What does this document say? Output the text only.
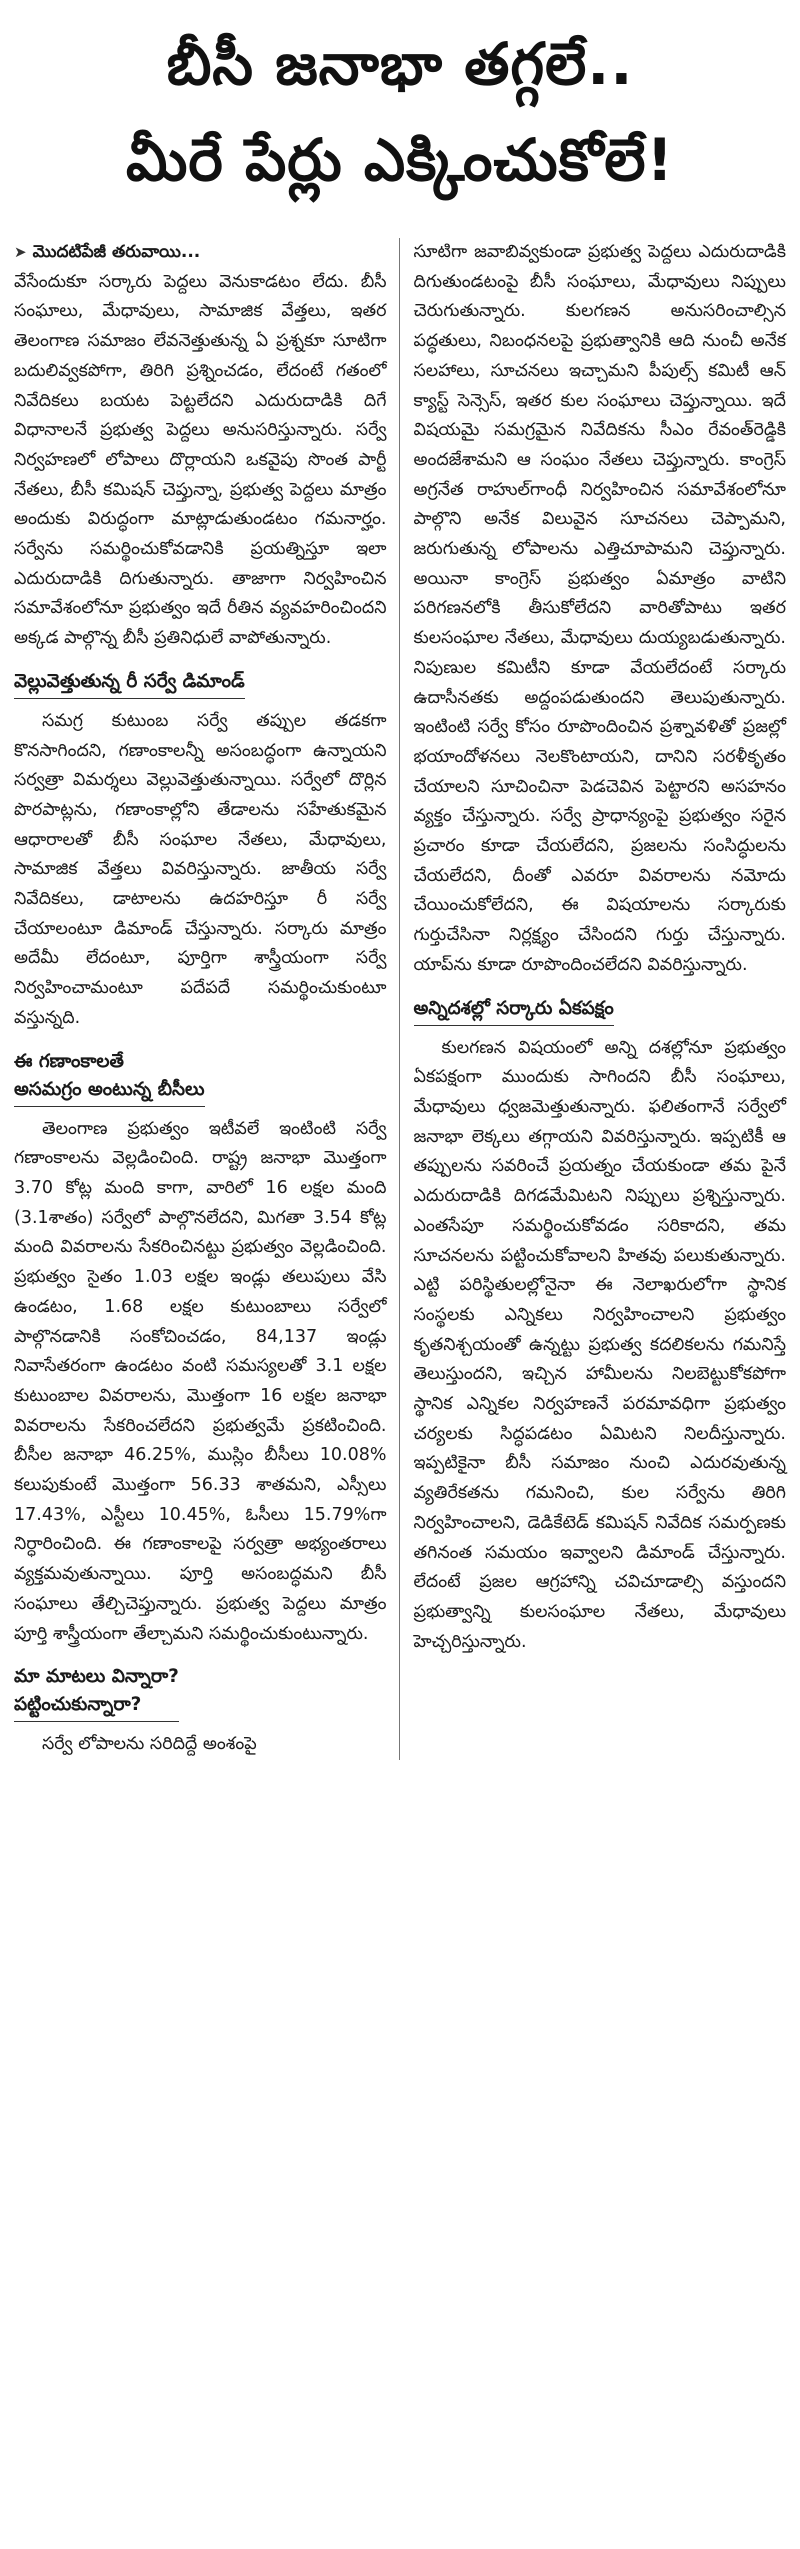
బీసీ జనాభా తగ్గలే..
మీరే పేర్లు ఎక్కించుకోలే!
➤ మొదటిపేజీ తరువాయి...

వేసేందుకూ సర్కారు పెద్దలు వెనుకాడటం లేదు. బీసీ సంఘాలు, మేధావులు, సామాజిక వేత్తలు, ఇతర తెలంగాణ సమాజం లేవనెత్తుతున్న ఏ ప్రశ్నకూ సూటిగా బదులివ్వకపోగా, తిరిగి ప్రశ్నించడం, లేదంటే గతంలో నివేదికలు బయట పెట్టలేదని ఎదురుదాడికి దిగే విధానాలనే ప్రభుత్వ పెద్దలు అనుసరిస్తున్నారు. సర్వే నిర్వహణలో లోపాలు దొర్లాయని ఒకవైపు సొంత పార్టీ నేతలు, బీసీ కమిషన్ చెప్తున్నా, ప్రభుత్వ పెద్దలు మాత్రం అందుకు విరుద్ధంగా మాట్లాడుతుండటం గమనార్హం. సర్వేను సమర్థించుకోవడానికి ప్రయత్నిస్తూ ఇలా ఎదురుదాడికి దిగుతున్నారు. తాజాగా నిర్వహించిన సమావేశంలోనూ ప్రభుత్వం ఇదే రీతిన వ్యవహరించిందని అక్కడ పాల్గొన్న బీసీ ప్రతినిధులే వాపోతున్నారు.

వెల్లువెత్తుతున్న రీ సర్వే డిమాండ్

సమగ్ర కుటుంబ సర్వే తప్పుల తడకగా కొనసాగిందని, గణాంకాలన్నీ అసంబద్ధంగా ఉన్నాయని సర్వత్రా విమర్శలు వెల్లువెత్తుతున్నాయి. సర్వేలో దొర్లిన పొరపాట్లను, గణాంకాల్లోని తేడాలను సహేతుకమైన ఆధారాలతో బీసీ సంఘాల నేతలు, మేధావులు, సామాజిక వేత్తలు వివరిస్తున్నారు. జాతీయ సర్వే నివేదికలు, డాటాలను ఉదహరిస్తూ రీ సర్వే చేయాలంటూ డిమాండ్ చేస్తున్నారు. సర్కారు మాత్రం అదేమీ లేదంటూ, పూర్తిగా శాస్త్రీయంగా సర్వే నిర్వహించామంటూ పదేపదే సమర్థించుకుంటూ వస్తున్నది.

ఈ గణాంకాలతే
అసమగ్రం అంటున్న బీసీలు

తెలంగాణ ప్రభుత్వం ఇటీవలే ఇంటింటి సర్వే గణాంకాలను వెల్లడించింది. రాష్ట్ర జనాభా మొత్తంగా 3.70 కోట్ల మంది కాగా, వారిలో 16 లక్షల మంది (3.1శాతం) సర్వేలో పాల్గొనలేదని, మిగతా 3.54 కోట్ల మంది వివరాలను సేకరించినట్టు ప్రభుత్వం వెల్లడించింది. ప్రభుత్వం సైతం 1.03 లక్షల ఇండ్లు తలుపులు వేసి ఉండటం, 1.68 లక్షల కుటుంబాలు సర్వేలో పాల్గొనడానికి సంకోచించడం, 84,137 ఇండ్లు నివాసేతరంగా ఉండటం వంటి సమస్యలతో 3.1 లక్షల కుటుంబాల వివరాలను, మొత్తంగా 16 లక్షల జనాభా వివరాలను సేకరించలేదని ప్రభుత్వమే ప్రకటించింది. బీసీల జనాభా 46.25%, ముస్లిం బీసీలు 10.08% కలుపుకుంటే మొత్తంగా 56.33 శాతమని, ఎస్సీలు 17.43%, ఎస్టీలు 10.45%, ఓసీలు 15.79%గా నిర్ధారించింది. ఈ గణాంకాలపై సర్వత్రా అభ్యంతరాలు వ్యక్తమవుతున్నాయి. పూర్తి అసంబద్ధమని బీసీ సంఘాలు తేల్చిచెప్తున్నారు. ప్రభుత్వ పెద్దలు మాత్రం పూర్తి శాస్త్రీయంగా తేల్చామని సమర్థించుకుంటున్నారు.

మా మాటలు విన్నారా?
పట్టించుకున్నారా?

సర్వే లోపాలను సరిదిద్దే అంశంపై

సూటిగా జవాబివ్వకుండా ప్రభుత్వ పెద్దలు ఎదురుదాడికి దిగుతుండటంపై బీసీ సంఘాలు, మేధావులు నిప్పులు చెరుగుతున్నారు. కులగణన అనుసరించాల్సిన పద్ధతులు, నిబంధనలపై ప్రభుత్వానికి ఆది నుంచీ అనేక సలహాలు, సూచనలు ఇచ్చామని పీపుల్స్ కమిటీ ఆన్ క్యాస్ట్ సెన్సెస్, ఇతర కుల సంఘాలు చెప్తున్నాయి. ఇదే విషయమై సమగ్రమైన నివేదికను సీఎం రేవంత్‌రెడ్డికి అందజేశామని ఆ సంఘం నేతలు చెప్తున్నారు. కాంగ్రెస్ అగ్రనేత రాహుల్‌గాంధీ నిర్వహించిన సమావేశంలోనూ పాల్గొని అనేక విలువైన సూచనలు చెప్పామని, జరుగుతున్న లోపాలను ఎత్తిచూపామని చెప్తున్నారు. అయినా కాంగ్రెస్ ప్రభుత్వం ఏమాత్రం వాటిని పరిగణనలోకి తీసుకోలేదని వారితోపాటు ఇతర కులసంఘాల నేతలు, మేధావులు దుయ్యబడుతున్నారు. నిపుణుల కమిటీని కూడా వేయలేదంటే సర్కారు ఉదాసీనతకు అద్దంపడుతుందని తెలుపుతున్నారు. ఇంటింటి సర్వే కోసం రూపొందించిన ప్రశ్నావళితో ప్రజల్లో భయాందోళనలు నెలకొంటాయని, దానిని సరళీకృతం చేయాలని సూచించినా పెడచెవిన పెట్టారని అసహనం వ్యక్తం చేస్తున్నారు. సర్వే ప్రాధాన్యంపై ప్రభుత్వం సరైన ప్రచారం కూడా చేయలేదని, ప్రజలను సంసిద్ధులను చేయలేదని, దీంతో ఎవరూ వివరాలను నమోదు చేయించుకోలేదని, ఈ విషయాలను సర్కారుకు గుర్తుచేసినా నిర్లక్ష్యం చేసిందని గుర్తు చేస్తున్నారు. యాప్‌ను కూడా రూపొందించలేదని వివరిస్తున్నారు.

అన్నిదశల్లో సర్కారు ఏకపక్షం

కులగణన విషయంలో అన్ని దశల్లోనూ ప్రభుత్వం ఏకపక్షంగా ముందుకు సాగిందని బీసీ సంఘాలు, మేధావులు ధ్వజమెత్తుతున్నారు. ఫలితంగానే సర్వేలో జనాభా లెక్కలు తగ్గాయని వివరిస్తున్నారు. ఇప్పటికీ ఆ తప్పులను సవరించే ప్రయత్నం చేయకుండా తమ పైనే ఎదురుదాడికి దిగడమేమిటని నిప్పులు ప్రశ్నిస్తున్నారు. ఎంతసేపూ సమర్థించుకోవడం సరికాదని, తమ సూచనలను పట్టించుకోవాలని హితవు పలుకుతున్నారు. ఎట్టి పరిస్థితులల్లోనైనా ఈ నెలాఖరులోగా స్థానిక సంస్థలకు ఎన్నికలు నిర్వహించాలని ప్రభుత్వం కృతనిశ్చయంతో ఉన్నట్టు ప్రభుత్వ కదలికలను గమనిస్తే తెలుస్తుందని, ఇచ్చిన హామీలను నిలబెట్టుకోకపోగా స్థానిక ఎన్నికల నిర్వహణనే పరమావధిగా ప్రభుత్వం చర్యలకు సిద్ధపడటం ఏమిటని నిలదీస్తున్నారు. ఇప్పటికైనా బీసీ సమాజం నుంచి ఎదురవుతున్న వ్యతిరేకతను గమనించి, కుల సర్వేను తిరిగి నిర్వహించాలని, డెడికేటెడ్ కమిషన్ నివేదిక సమర్పణకు తగినంత సమయం ఇవ్వాలని డిమాండ్ చేస్తున్నారు. లేదంటే ప్రజల ఆగ్రహాన్ని చవిచూడాల్సి వస్తుందని ప్రభుత్వాన్ని కులసంఘాల నేతలు, మేధావులు హెచ్చరిస్తున్నారు.
